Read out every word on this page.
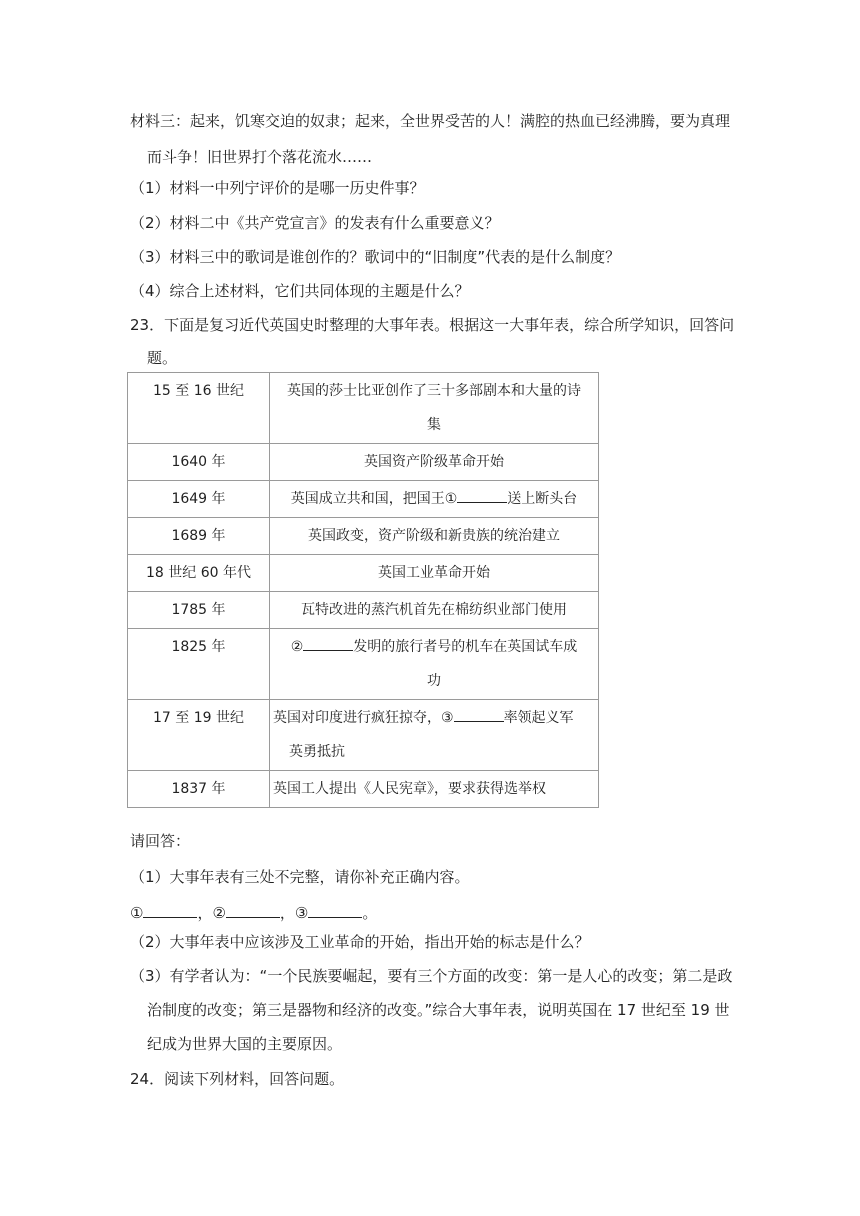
材料三：起来，饥寒交迫的奴隶；起来，全世界受苦的人！满腔的热血已经沸腾，要为真理
而斗争！旧世界打个落花流水……
（1）材料一中列宁评价的是哪一历史件事？
（2）材料二中《共产党宣言》的发表有什么重要意义？
（3）材料三中的歌词是谁创作的？歌词中的“旧制度”代表的是什么制度？
（4）综合上述材料，它们共同体现的主题是什么？
23．下面是复习近代英国史时整理的大事年表。根据这一大事年表，综合所学知识，回答问
题。
15 至 16 世纪	英国的莎士比亚创作了三十多部剧本和大量的诗
集

1640 年	英国资产阶级革命开始
1649 年	英国成立共和国，把国王① 送上断头台
1689 年	英国政变，资产阶级和新贵族的统治建立
18 世纪 60 年代	英国工业革命开始
1785 年	瓦特改进的蒸汽机首先在棉纺织业部门使用
1825 年	② 发明的旅行者号的机车在英国试车成
功

17 至 19 世纪	英国对印度进行疯狂掠夺，③ 率领起义军
英勇抵抗
1837 年	英国工人提出《人民宪章》，要求获得选举权
请回答：
（1）大事年表有三处不完整，请你补充正确内容。
①	，②	，③	。
（2）大事年表中应该涉及工业革命的开始，指出开始的标志是什么？
（3）有学者认为：“一个民族要崛起，要有三个方面的改变：第一是人心的改变；第二是政
治制度的改变；第三是器物和经济的改变。”综合大事年表，说明英国在 17 世纪至 19 世
纪成为世界大国的主要原因。
24．阅读下列材料，回答问题。
